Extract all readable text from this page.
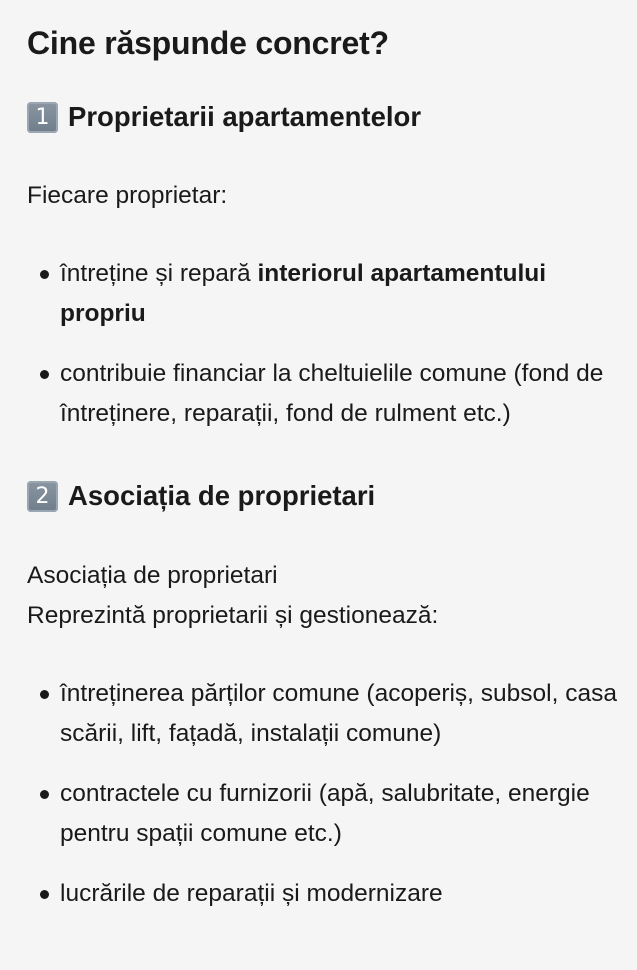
Cine răspunde concret?
1 Proprietarii apartamentelor

Fiecare proprietar:

întreține și repară interiorul apartamentului propriu
contribuie financiar la cheltuielile comune (fond de întreținere, reparații, fond de rulment etc.)
2 Asociația de proprietari

Asociația de proprietari

Reprezintă proprietarii și gestionează:

întreținerea părților comune (acoperiș, subsol, casa scării, lift, fațadă, instalații comune)
contractele cu furnizorii (apă, salubritate, energie pentru spații comune etc.)
lucrările de reparații și modernizare
